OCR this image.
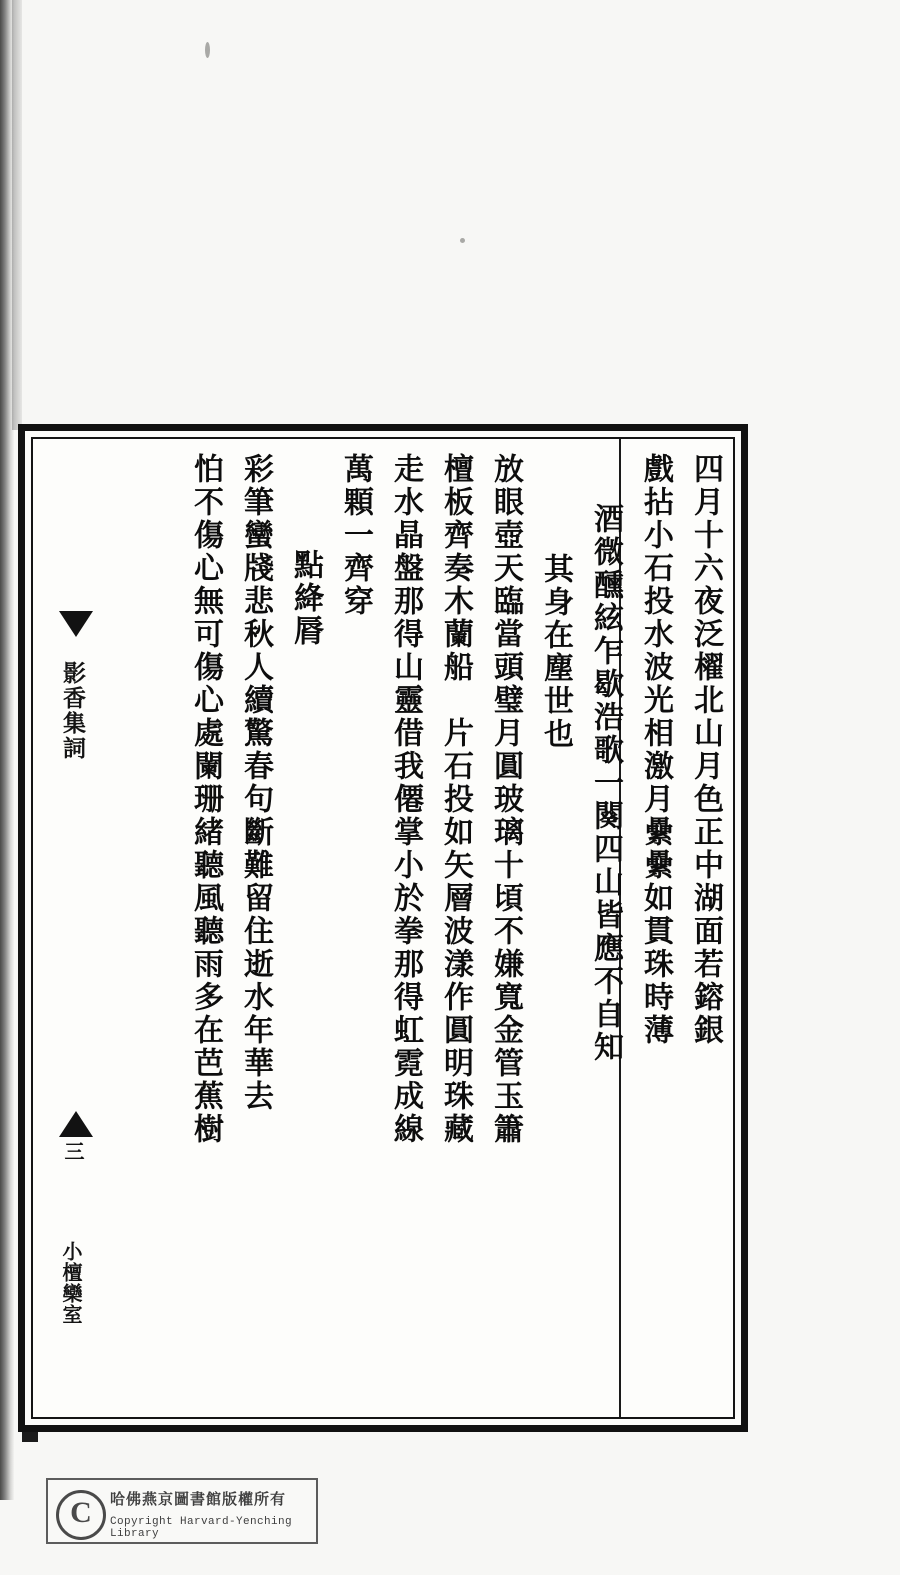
四月十六夜泛櫂北山月色正中湖面若鎔銀
戲拈小石投水波光相激月纍纍如貫珠時薄
酒微醺絃乍歇浩歌一闋四山皆應不自知
其身在塵世也
放眼壺天臨當頭璧月圓玻璃十頃不嫌寬金管玉簫
檀板齊奏木蘭船　片石投如矢層波漾作圓明珠藏
走水晶盤那得山靈借我僊掌小於拳那得虹霓成線
萬顆一齊穿
點絳脣
彩筆蠻牋悲秋人續驚春句斷難留住逝水年華去
怕不傷心無可傷心處闌珊緒聽風聽雨多在芭蕉樹
影香集詞
三
小檀欒室
C	哈佛燕京圖書館版權所有
Copyright Harvard-Yenching Library
